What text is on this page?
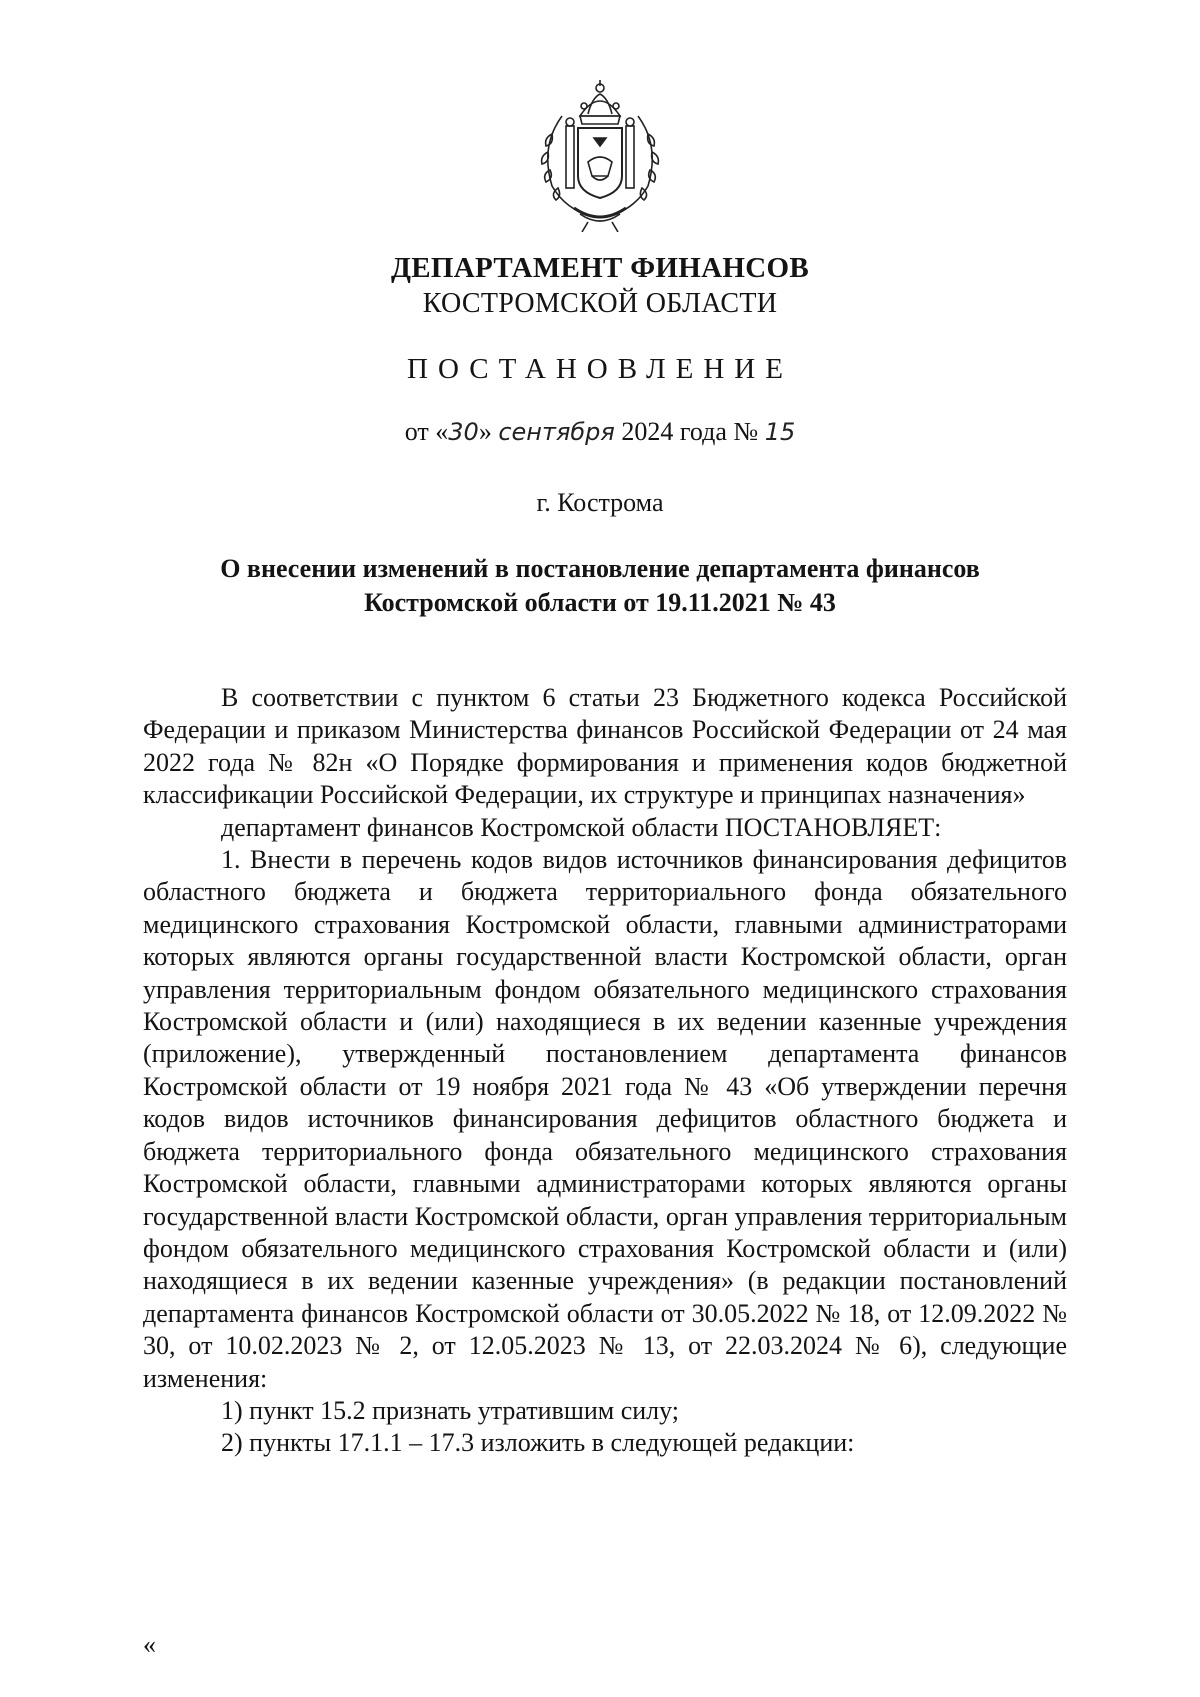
ДЕПАРТАМЕНТ ФИНАНСОВ
КОСТРОМСКОЙ ОБЛАСТИ
ПОСТАНОВЛЕНИЕ
от «30» сентября 2024 года № 15
г. Кострома
О внесении изменений в постановление департамента финансов
Костромской области от 19.11.2021 № 43

В соответствии с пунктом 6 статьи 23 Бюджетного кодекса Российской Федерации и приказом Министерства финансов Российской Федерации от 24 мая 2022 года № 82н «О Порядке формирования и применения кодов бюджетной классификации Российской Федерации, их структуре и принципах назначения»

департамент финансов Костромской области ПОСТАНОВЛЯЕТ:

1. Внести в перечень кодов видов источников финансирования дефицитов областного бюджета и бюджета территориального фонда обязательного медицинского страхования Костромской области, главными администраторами которых являются органы государственной власти Костромской области, орган управления территориальным фондом обязательного медицинского страхования Костромской области и (или) находящиеся в их ведении казенные учреждения (приложение), утвержденный постановлением департамента финансов Костромской области от 19 ноября 2021 года № 43 «Об утверждении перечня кодов видов источников финансирования дефицитов областного бюджета и бюджета территориального фонда обязательного медицинского страхования Костромской области, главными администраторами которых являются органы государственной власти Костромской области, орган управления территориальным фондом обязательного медицинского страхования Костромской области и (или) находящиеся в их ведении казенные учреждения» (в редакции постановлений департамента финансов Костромской области от 30.05.2022 № 18, от 12.09.2022 № 30, от 10.02.2023 № 2, от 12.05.2023 № 13, от 22.03.2024 № 6), следующие изменения:

1) пункт 15.2 признать утратившим силу;

2) пункты 17.1.1 – 17.3 изложить в следующей редакции:

«
